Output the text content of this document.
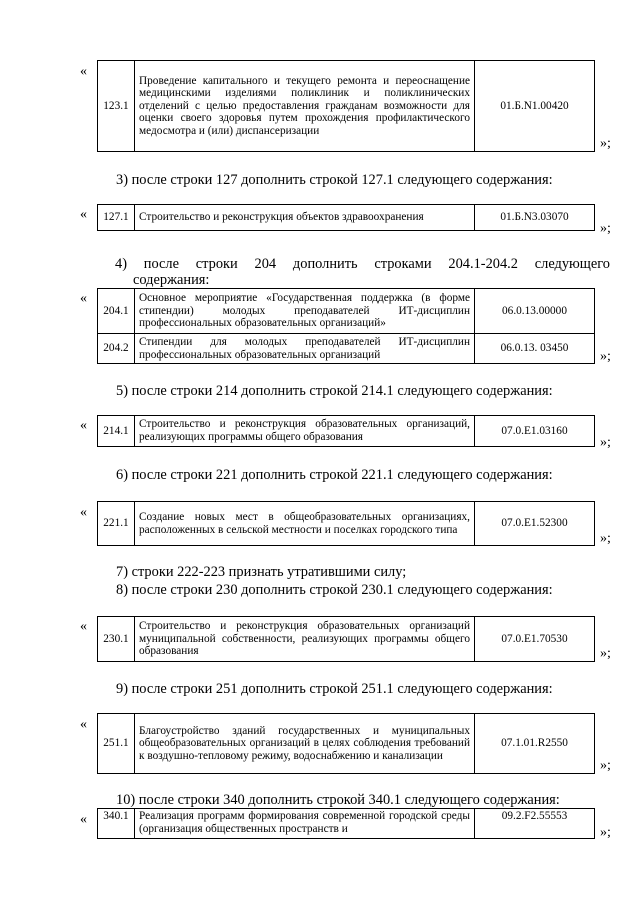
«
123.1	Проведение капитального и текущего ремонта и переоснащение медицинскими изделиями поликлиник и поликлинических отделений с целью предоставления гражданам возможности для оценки своего здоровья путем прохождения профилактического медосмотра и (или) диспансеризации	01.Б.N1.00420
»;
3) после строки 127 дополнить строкой 127.1 следующего содержания:
« 127.1	Строительство и реконструкция объектов здравоохранения	01.Б.N3.03070
»;
4) после строки 204 дополнить строками 204.1-204.2 следующего
содержания:
«
204.1	Основное мероприятие «Государственная поддержка (в форме стипендии) молодых преподавателей ИТ-дисциплин профессиональных образовательных организаций»	06.0.13.00000
204.2	Стипендии для молодых преподавателей ИТ-дисциплин профессиональных образовательных организаций	06.0.13. 03450
»;
5) после строки 214 дополнить строкой 214.1 следующего содержания:
« 214.1	Строительство и реконструкция образовательных организаций, реализующих программы общего образования	07.0.E1.03160
»;
6) после строки 221 дополнить строкой 221.1 следующего содержания:
«
221.1	Создание новых мест в общеобразовательных организациях, расположенных в сельской местности и поселках городского типа	07.0.E1.52300
»;
7) строки 222-223 признать утратившими силу;
8) после строки 230 дополнить строкой 230.1 следующего содержания:
«
230.1	Строительство и реконструкция образовательных организаций муниципальной собственности, реализующих программы общего образования	07.0.E1.70530
»;
9) после строки 251 дополнить строкой 251.1 следующего содержания:
«
251.1	Благоустройство зданий государственных и муниципальных общеобразовательных организаций в целях соблюдения требований к воздушно-тепловому режиму, водоснабжению и канализации	07.1.01.R2550
»;
10) после строки 340 дополнить строкой 340.1 следующего содержания:
« 340.1	Реализация программ формирования современной городской среды (организация общественных пространств и	09.2.F2.55553
»;
